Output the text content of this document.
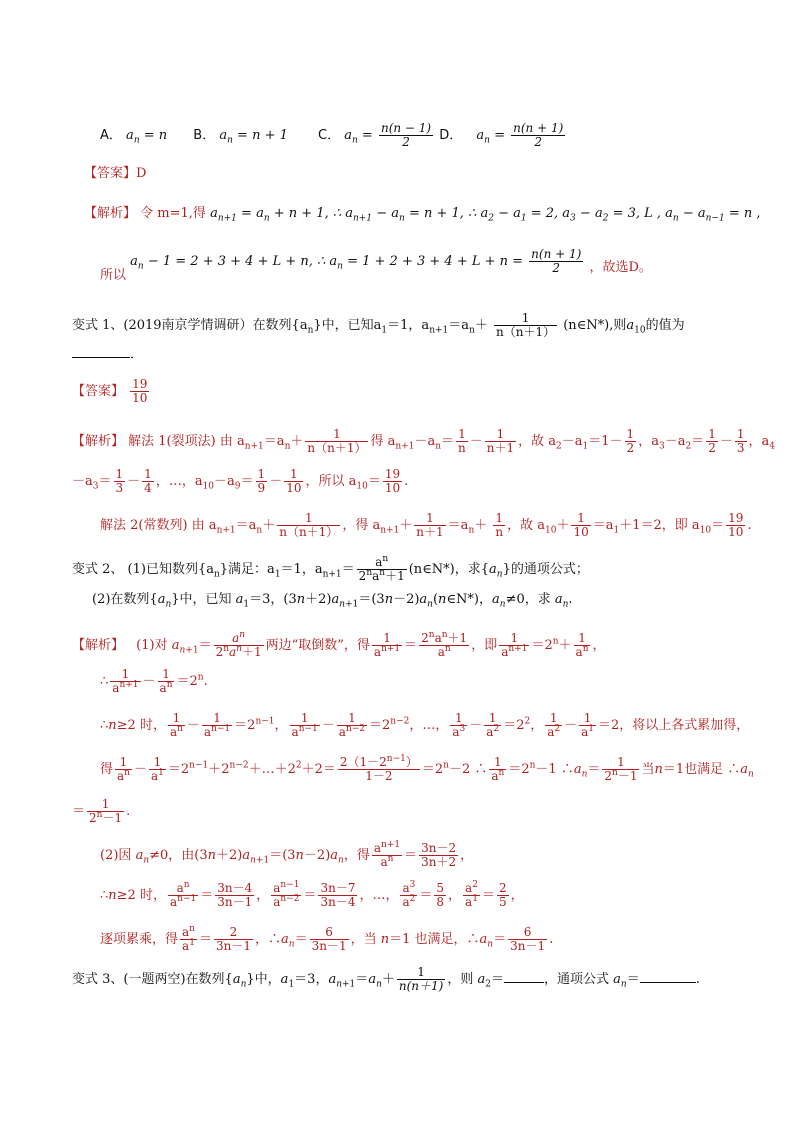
A． $a_n = n$ B． $a_n = n + 1$ C． $a_n = \frac{n(n - 1)}{2}$ D． $a_n = \frac{n(n + 1)}{2}$
【答案】D
【解析】 令 m=1,得 $a_{n+1} = a_n + n + 1$, ∴ $a_{n+1} - a_n = n + 1$, ∴ $a_2 - a_1 = 2$, $a_3 - a_2 = 3$, L , $a_n - a_{n-1} = n$ ,
所以 $a_n - 1 = 2 + 3 + 4 + L + n$, ∴ $a_n = 1 + 2 + 3 + 4 + L + n = \frac{n(n + 1)}{2}$ ，故选D。
变式 1、(2019南京学情调研）在数列$\{a_n\}$中，已知$a_1=1$，$a_{n+1}=a_n+ \frac{1}{n(n+1)}$ (n∈N*),则$a_{10}$的值为
．
【答案】 $\frac{19}{10}$
【解析】 解法 1(裂项法) 由 $a_{n+1}=a_n+ \frac{1}{n(n+1)}$ 得 $a_{n+1}-a_n= \frac{1}{n} - \frac{1}{n+1}$ ，故 $a_2-a_1=1- \frac{1}{2}$ ，$a_3-a_2= \frac{1}{2} - \frac{1}{3}$ ，$a_4$
$-a_3= \frac{1}{3} - \frac{1}{4}$ ，…，$a_{10}-a_9= \frac{1}{9} - \frac{1}{10}$ ，所以 $a_{10}= \frac{19}{10}$ .
解法 2(常数列) 由 $a_{n+1}=a_n+ \frac{1}{n(n+1)}$ ，得 $a_{n+1}+ \frac{1}{n+1} =a_n+ \frac{1}{n}$ ，故 $a_{10}+ \frac{1}{10} =a_1+1=2$，即 $a_{10}= \frac{19}{10}$ .
变式 2、 (1)已知数列$\{a_n\}$满足：$a_1=1$，$a_{n+1}= \frac{a^n}{2^na^n+1}$ (n∈N*)，求$\{a_n\}$的通项公式；
(2)在数列$\{a_n\}$中，已知 $a_1=3$，$(3n+2)a_{n+1}=(3n-2)a_n(n\in N*)$，$a_n\ne 0$，求 $a_n$.
【解析】 (1)对 $a_{n+1}= \frac{a^n}{2^na^n+1}$ 两边“取倒数”，得 $\frac{1}{a^{n+1}} = \frac{2^na^n+1}{a^n}$ ，即 $\frac{1}{a^{n+1}} =2^n+ \frac{1}{a^n}$ ，
∴ $\frac{1}{a^{n+1}} - \frac{1}{a^n} =2^n$.
∴n≥2 时， $\frac{1}{a^n} - \frac{1}{a^{n-1}} =2^{n-1}$， $\frac{1}{a^{n-1}} - \frac{1}{a^{n-2}} =2^{n-2}$，…， $\frac{1}{a^3} - \frac{1}{a^2} =2^2$， $\frac{1}{a^2} - \frac{1}{a^1} =2$，将以上各式累加得，
得 $\frac{1}{a^n} - \frac{1}{a^1}$ $=2^{n-1}+2^{n-2}+\dots+2^2+2= \frac{2(1-2^{n-1})}{1-2} =2^n-2$ ∴ $\frac{1}{a^n} =2^n-1$ $\therefore a_n= \frac{1}{2^n-1}$ 当n＝1也满足 $\therefore a_n$
＝ $\frac{1}{2^n-1}$ .
(2)因 $a_n\ne 0$，由$(3n+2)a_{n+1}=(3n-2)a_n$，得 $\frac{a^{n+1}}{a^n} = \frac{3n-2}{3n+2}$ ，
∴n≥2 时， $\frac{a^n}{a^{n-1}} = \frac{3n-4}{3n-1}$ ， $\frac{a^{n-1}}{a^{n-2}} = \frac{3n-7}{3n-4}$ ，…， $\frac{a^3}{a^2} = \frac{5}{8}$ ， $\frac{a^2}{a^1} = \frac{2}{5}$ ，
逐项累乘，得 $\frac{a^n}{a^1} = \frac{2}{3n-1}$ ，$\therefore a_n= \frac{6}{3n-1}$ ，当 n＝1 也满足，$\therefore a_n= \frac{6}{3n-1}$ .
变式 3、(一题两空)在数列$\{a_n\}$中，$a_1=3$，$a_{n+1}=a_n+ \frac{1}{n(n+1)}$ ，则 $a_2=$	，通项公式 $a_n=$	.
